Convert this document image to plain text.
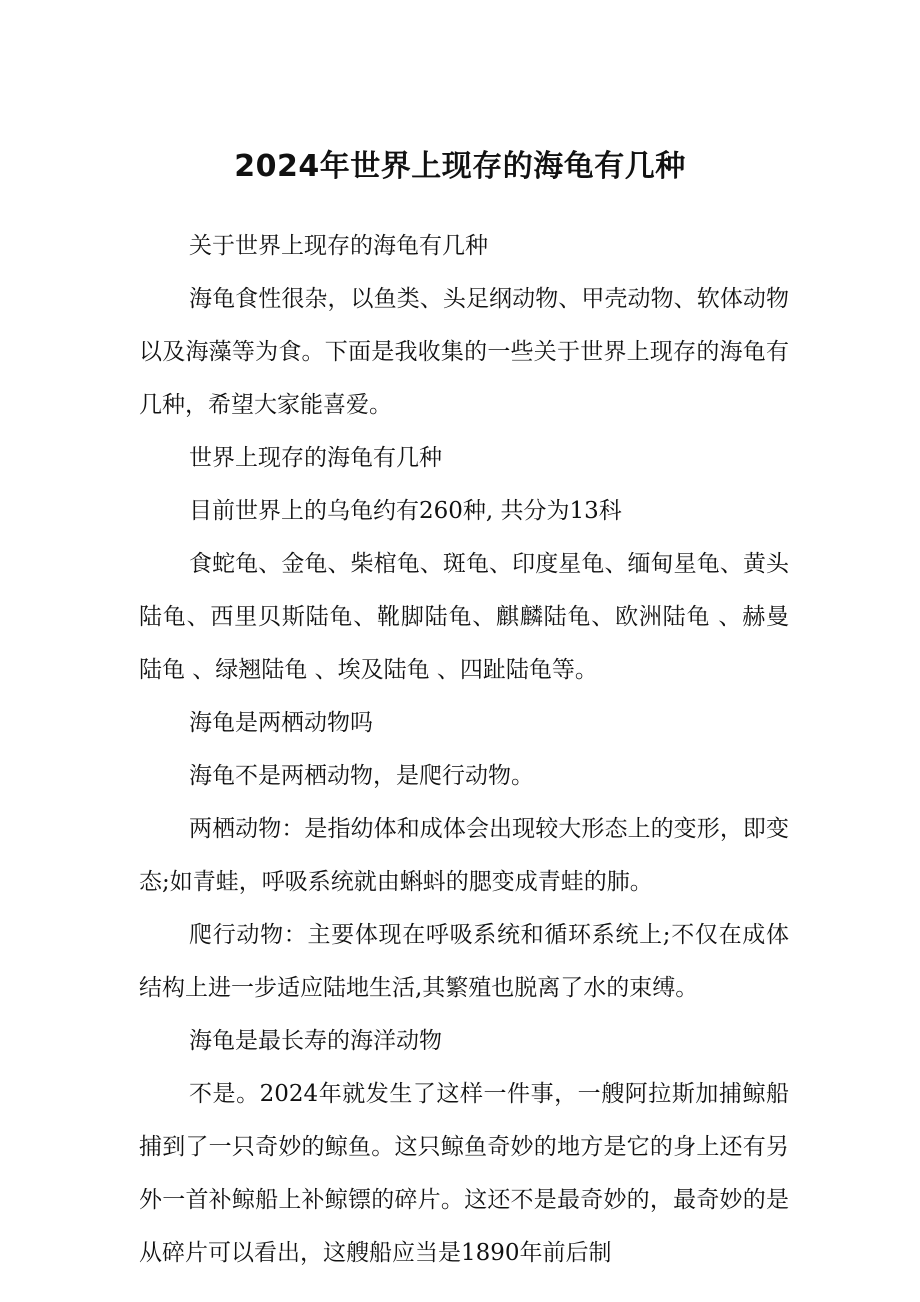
2024年世界上现存的海龟有几种

关于世界上现存的海龟有几种

海龟食性很杂，以鱼类、头足纲动物、甲壳动物、软体动物以及海藻等为食。下面是我收集的一些关于世界上现存的海龟有几种，希望大家能喜爱。

世界上现存的海龟有几种

目前世界上的乌龟约有260种, 共分为13科

食蛇龟、金龟、柴棺龟、斑龟、印度星龟、缅甸星龟、黄头陆龟、西里贝斯陆龟、靴脚陆龟、麒麟陆龟、欧洲陆龟 、赫曼陆龟 、绿翘陆龟 、埃及陆龟 、四趾陆龟等。

海龟是两栖动物吗

海龟不是两栖动物，是爬行动物。

两栖动物：是指幼体和成体会出现较大形态上的变形，即变态;如青蛙，呼吸系统就由蝌蚪的腮变成青蛙的肺。

爬行动物：主要体现在呼吸系统和循环系统上;不仅在成体结构上进一步适应陆地生活,其繁殖也脱离了水的束缚。

海龟是最长寿的海洋动物

不是。2024年就发生了这样一件事，一艘阿拉斯加捕鲸船捕到了一只奇妙的鲸鱼。这只鲸鱼奇妙的地方是它的身上还有另外一首补鲸船上补鲸镖的碎片。这还不是最奇妙的，最奇妙的是从碎片可以看出，这艘船应当是1890年前后制
